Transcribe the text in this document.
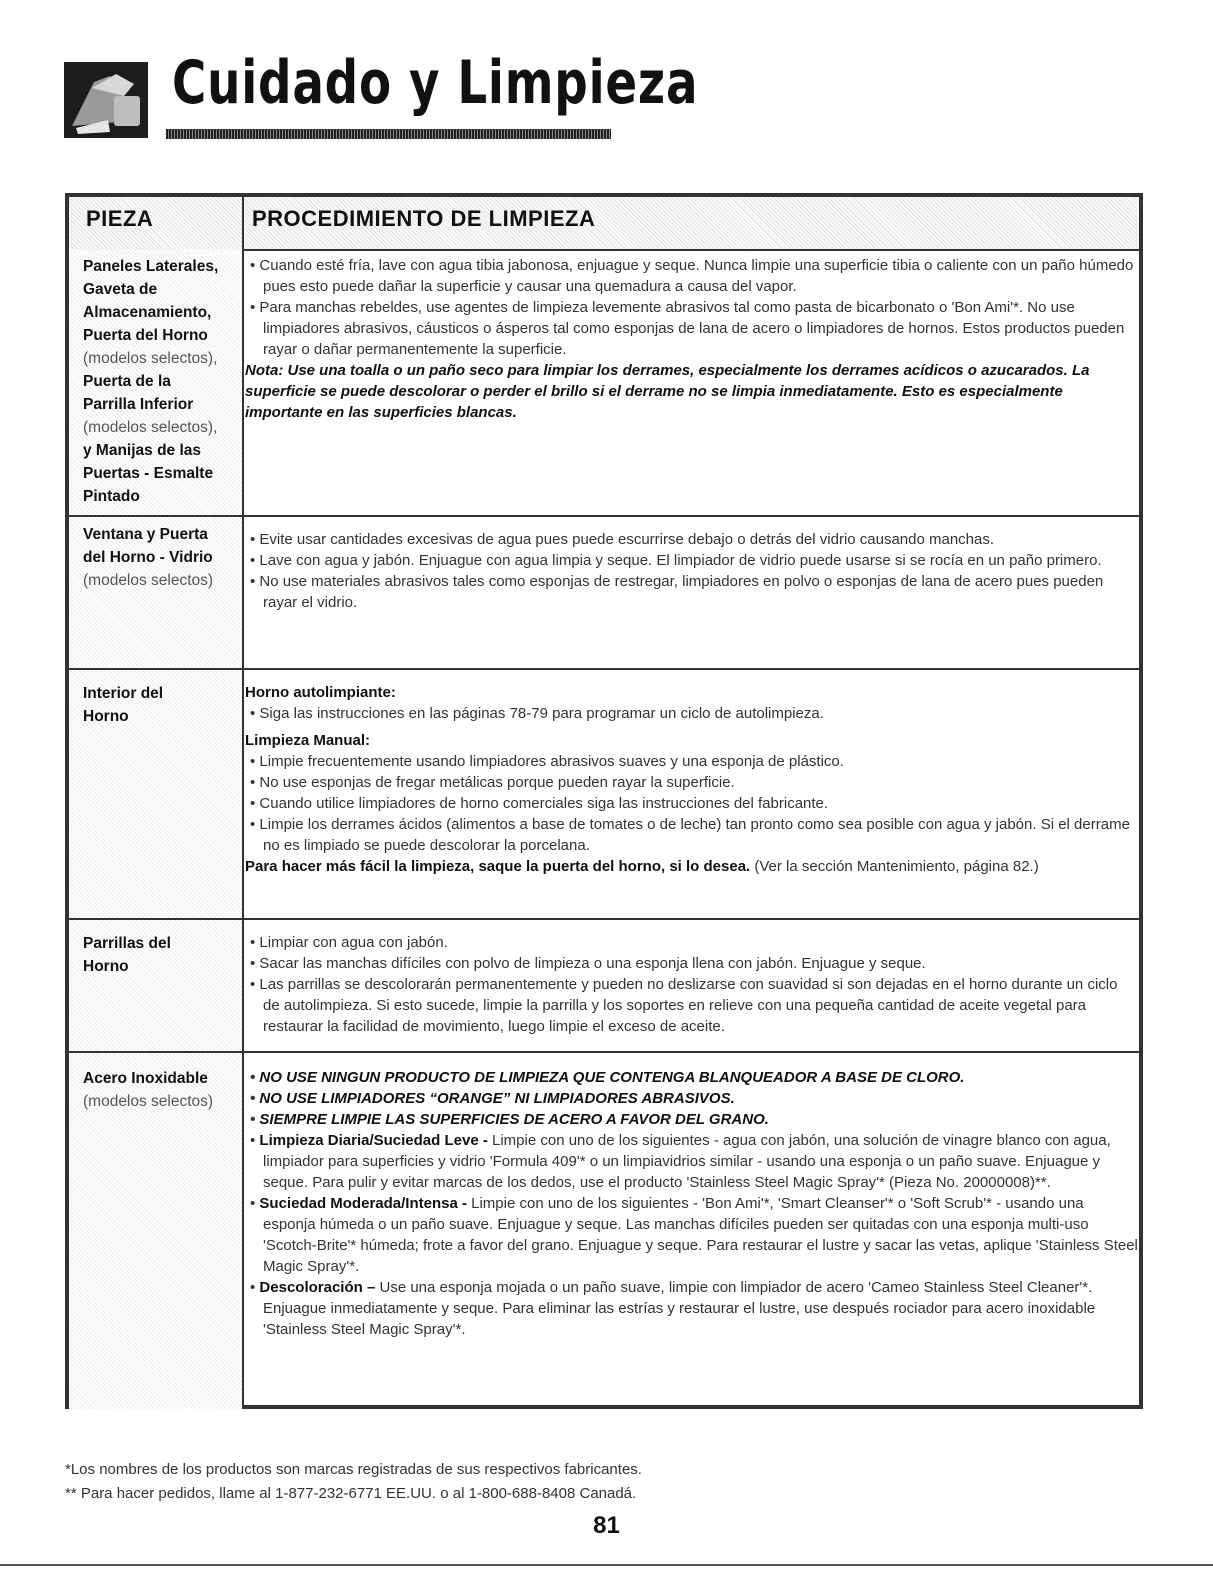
Cuidado y Limpieza
PIEZA	PROCEDIMIENTO DE LIMPIEZA
Paneles Laterales,
Gaveta de
Almacenamiento,
Puerta del Horno
(modelos selectos),
Puerta de la
Parrilla Inferior
(modelos selectos),
y Manijas de las
Puertas - Esmalte
Pintado
• Cuando esté fría, lave con agua tibia jabonosa, enjuague y seque. Nunca limpie una superficie tibia o caliente con un paño húmedo pues esto puede dañar la superficie y causar una quemadura a causa del vapor.
• Para manchas rebeldes, use agentes de limpieza levemente abrasivos tal como pasta de bicarbonato o 'Bon Ami'*. No use limpiadores abrasivos, cáusticos o ásperos tal como esponjas de lana de acero o limpiadores de hornos. Estos productos pueden rayar o dañar permanentemente la superficie.
Nota: Use una toalla o un paño seco para limpiar los derrames, especialmente los derrames acídicos o azucarados. La superficie se puede descolorar o perder el brillo si el derrame no se limpia inmediatamente. Esto es especialmente importante en las superficies blancas.
Ventana y Puerta
del Horno - Vidrio
(modelos selectos)
• Evite usar cantidades excesivas de agua pues puede escurrirse debajo o detrás del vidrio causando manchas.
• Lave con agua y jabón. Enjuague con agua limpia y seque. El limpiador de vidrio puede usarse si se rocía en un paño primero.
• No use materiales abrasivos tales como esponjas de restregar, limpiadores en polvo o esponjas de lana de acero pues pueden rayar el vidrio.
Interior del
Horno
Horno autolimpiante:
• Siga las instrucciones en las páginas 78-79 para programar un ciclo de autolimpieza.
Limpieza Manual:
• Limpie frecuentemente usando limpiadores abrasivos suaves y una esponja de plástico.
• No use esponjas de fregar metálicas porque pueden rayar la superficie.
• Cuando utilice limpiadores de horno comerciales siga las instrucciones del fabricante.
• Limpie los derrames ácidos (alimentos a base de tomates o de leche) tan pronto como sea posible con agua y jabón. Si el derrame no es limpiado se puede descolorar la porcelana.
Para hacer más fácil la limpieza, saque la puerta del horno, si lo desea. (Ver la sección Mantenimiento, página 82.)
Parrillas del
Horno
• Limpiar con agua con jabón.
• Sacar las manchas difíciles con polvo de limpieza o una esponja llena con jabón. Enjuague y seque.
• Las parrillas se descolorarán permanentemente y pueden no deslizarse con suavidad si son dejadas en el horno durante un ciclo de autolimpieza. Si esto sucede, limpie la parrilla y los soportes en relieve con una pequeña cantidad de aceite vegetal para restaurar la facilidad de movimiento, luego limpie el exceso de aceite.
Acero Inoxidable
(modelos selectos)
• NO USE NINGUN PRODUCTO DE LIMPIEZA QUE CONTENGA BLANQUEADOR A BASE DE CLORO.
• NO USE LIMPIADORES “ORANGE” NI LIMPIADORES ABRASIVOS.
• SIEMPRE LIMPIE LAS SUPERFICIES DE ACERO A FAVOR DEL GRANO.
• Limpieza Diaria/Suciedad Leve - Limpie con uno de los siguientes - agua con jabón, una solución de vinagre blanco con agua, limpiador para superficies y vidrio 'Formula 409'* o un limpiavidrios similar - usando una esponja o un paño suave. Enjuague y seque. Para pulir y evitar marcas de los dedos, use el producto 'Stainless Steel Magic Spray'* (Pieza No. 20000008)**.
• Suciedad Moderada/Intensa - Limpie con uno de los siguientes - 'Bon Ami'*, 'Smart Cleanser'* o 'Soft Scrub'* - usando una esponja húmeda o un paño suave. Enjuague y seque. Las manchas difíciles pueden ser quitadas con una esponja multi-uso 'Scotch-Brite'* húmeda; frote a favor del grano. Enjuague y seque. Para restaurar el lustre y sacar las vetas, aplique 'Stainless Steel Magic Spray'*.
• Descoloración – Use una esponja mojada o un paño suave, limpie con limpiador de acero 'Cameo Stainless Steel Cleaner'*. Enjuague inmediatamente y seque. Para eliminar las estrías y restaurar el lustre, use después rociador para acero inoxidable 'Stainless Steel Magic Spray'*.
*Los nombres de los productos son marcas registradas de sus respectivos fabricantes.
** Para hacer pedidos, llame al 1-877-232-6771 EE.UU. o al 1-800-688-8408 Canadá.
81
